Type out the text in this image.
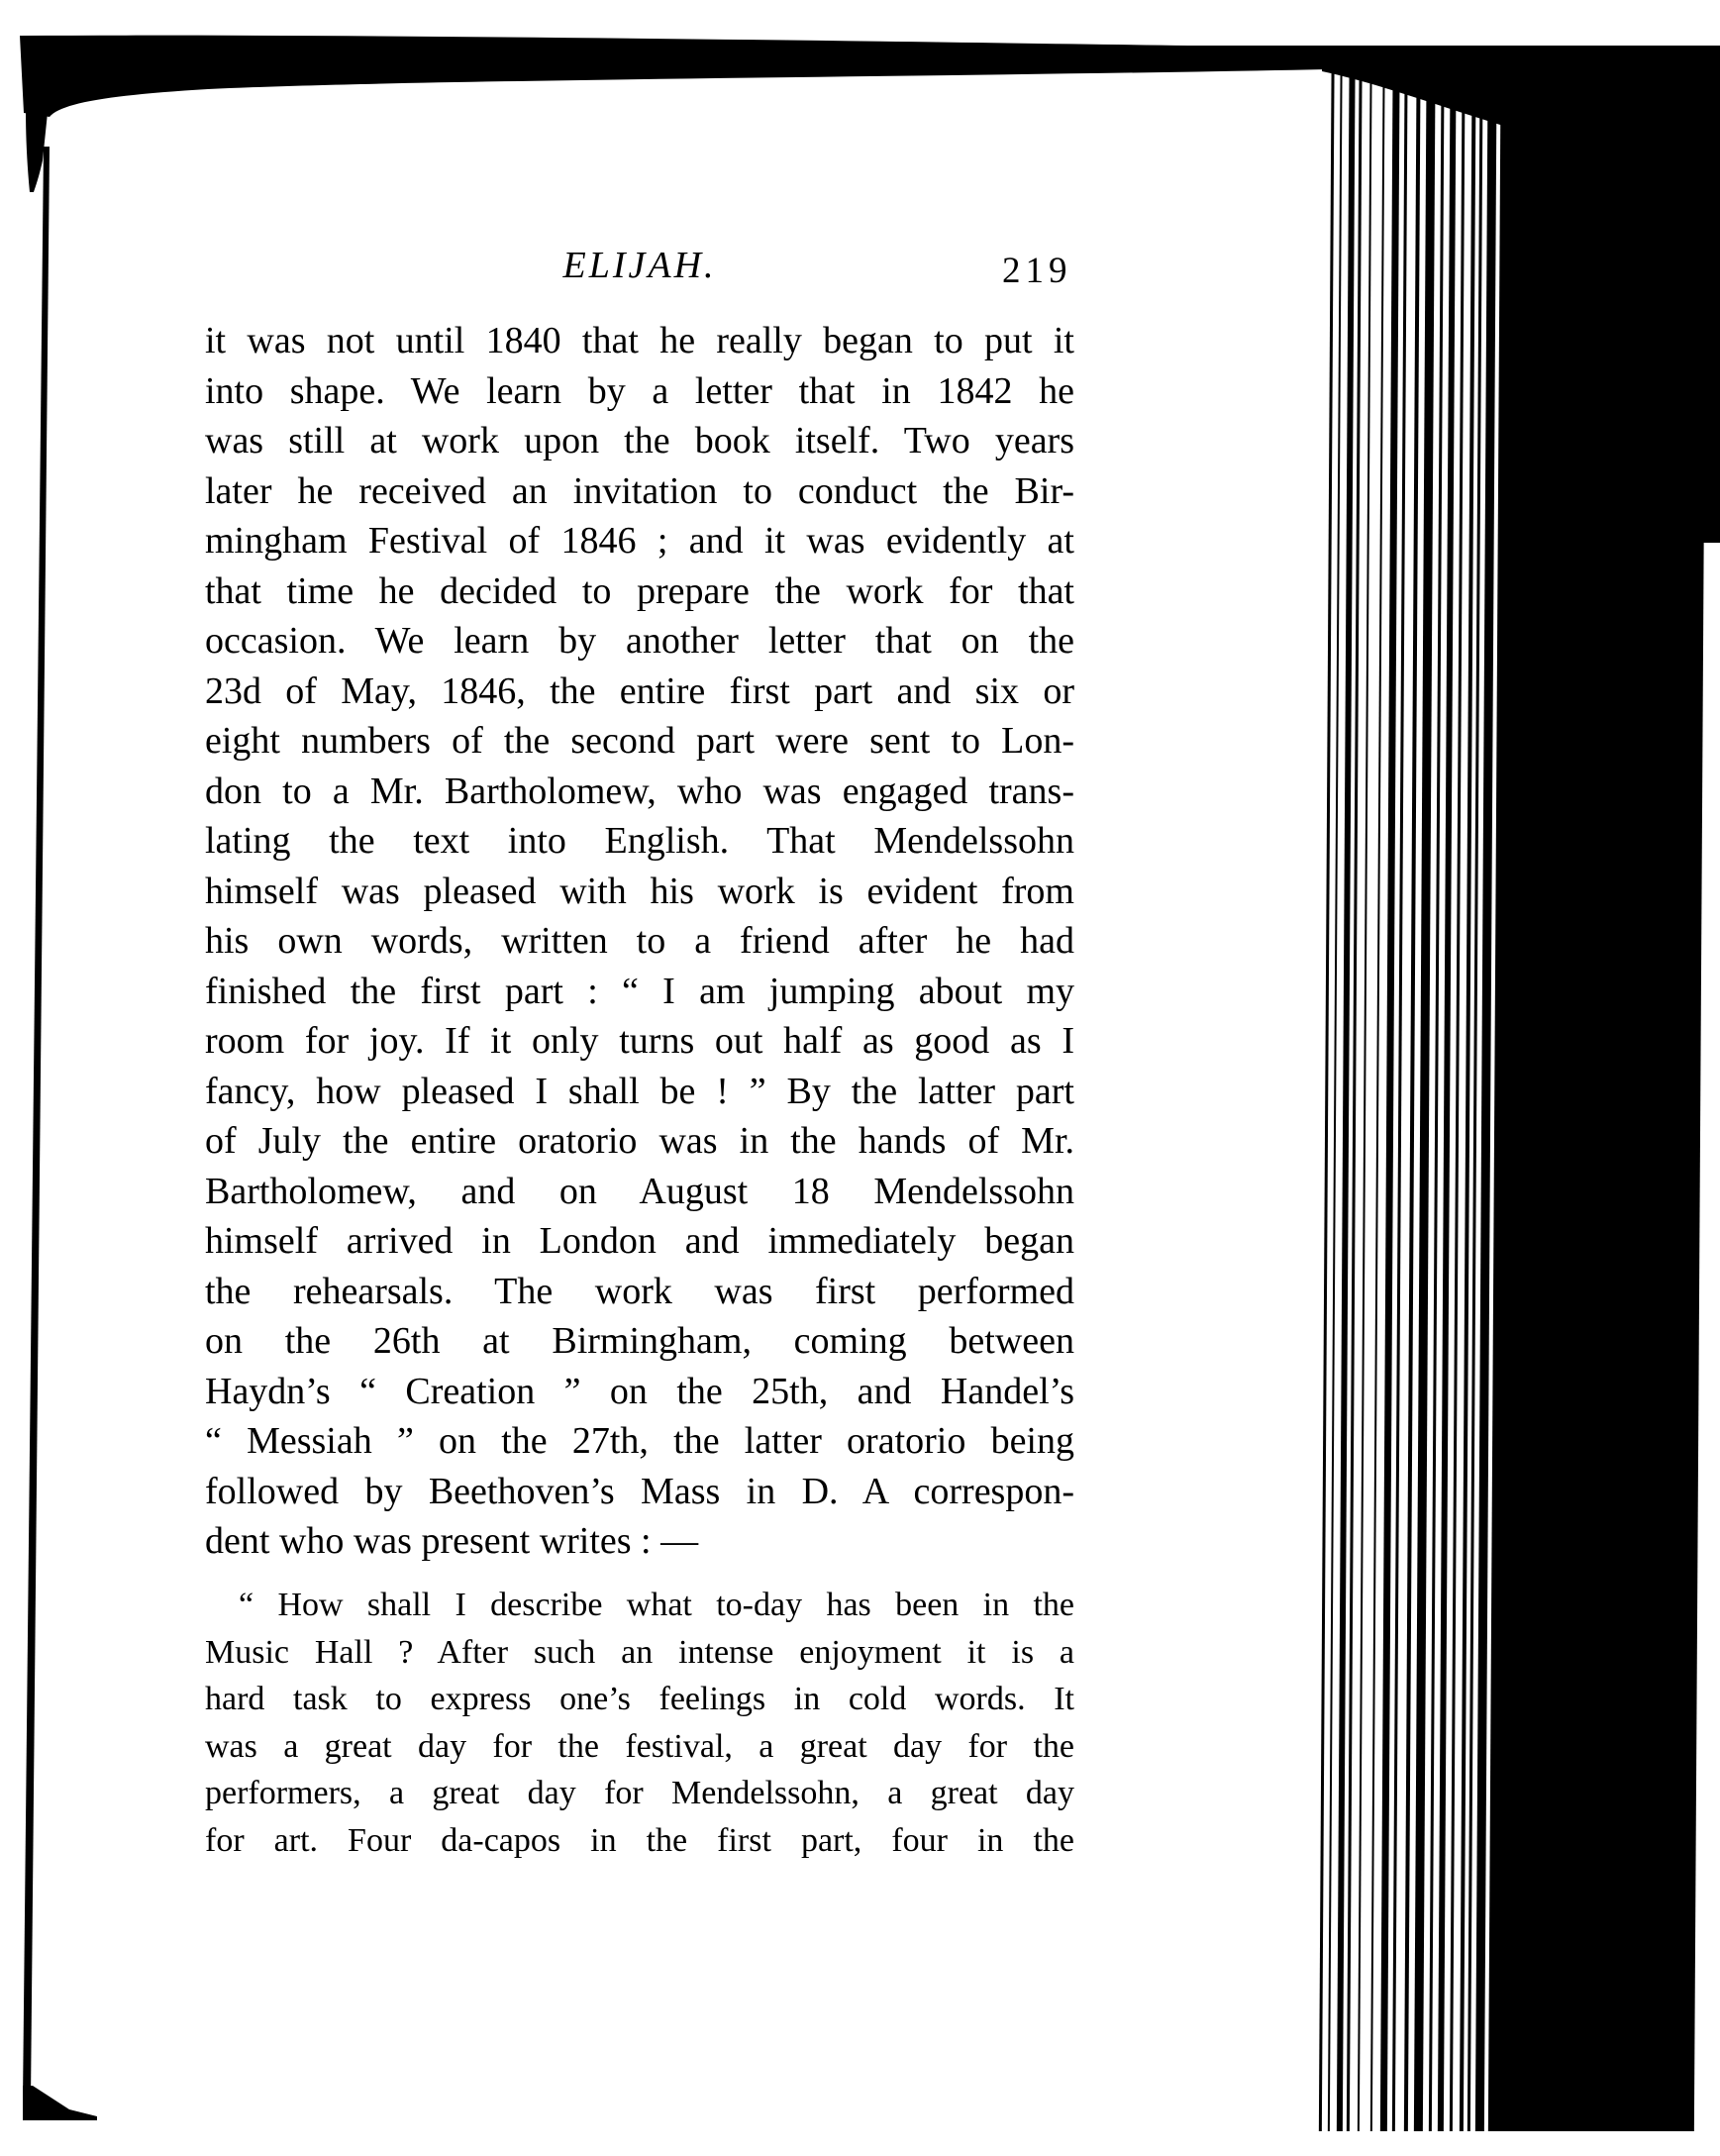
ELIJAH.	219
it was not until 1840 that he really began to put it
into shape. We learn by a letter that in 1842 he
was still at work upon the book itself. Two years
later he received an invitation to conduct the Bir-
mingham Festival of 1846 ; and it was evidently at
that time he decided to prepare the work for that
occasion. We learn by another letter that on the
23d of May, 1846, the entire first part and six or
eight numbers of the second part were sent to Lon-
don to a Mr. Bartholomew, who was engaged trans-
lating the text into English. That Mendelssohn
himself was pleased with his work is evident from
his own words, written to a friend after he had
finished the first part : “ I am jumping about my
room for joy. If it only turns out half as good as I
fancy, how pleased I shall be ! ” By the latter part
of July the entire oratorio was in the hands of Mr.
Bartholomew, and on August 18 Mendelssohn
himself arrived in London and immediately began
the rehearsals. The work was first performed
on the 26th at Birmingham, coming between
Haydn’s “ Creation ” on the 25th, and Handel’s
“ Messiah ” on the 27th, the latter oratorio being
followed by Beethoven’s Mass in D. A correspon-
dent who was present writes : —
“ How shall I describe what to-day has been in the
Music Hall ? After such an intense enjoyment it is a
hard task to express one’s feelings in cold words. It
was a great day for the festival, a great day for the
performers, a great day for Mendelssohn, a great day
for art. Four da-capos in the first part, four in the
